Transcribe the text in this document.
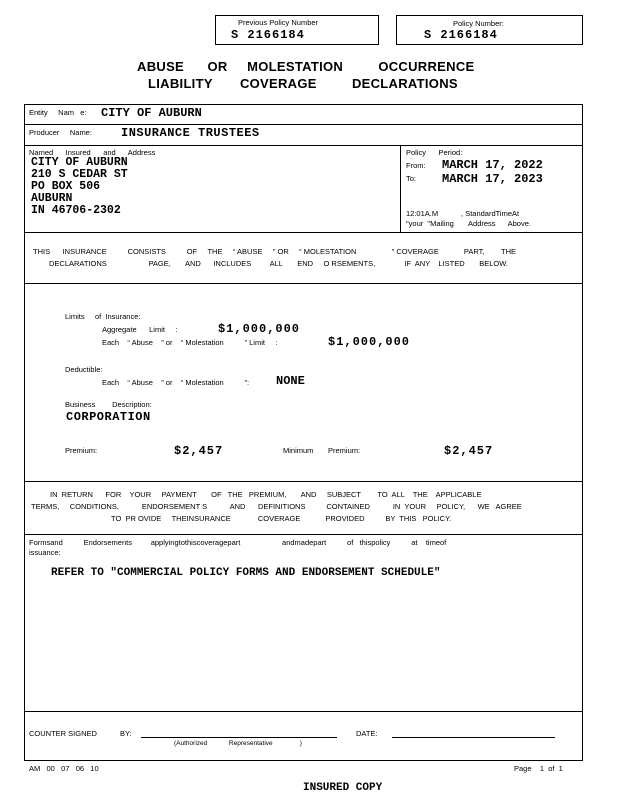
Previous Policy Number
S 2166184
Policy Number:
S 2166184
ABUSE      OR     MOLESTATION         OCCURRENCE
LIABILITY       COVERAGE         DECLARATIONS
Entity     Nam   e: CITY OF AUBURN
Producer     Name: INSURANCE TRUSTEES
Named      Insured      and      Address
CITY OF AUBURN
210 S CEDAR ST
PO BOX 506
AUBURN
IN 46706-2302
Policy      Period:
From: MARCH 17, 2022
To: MARCH 17, 2023
12:01A.M           , StandardTimeAt
"your  "Mailing       Address      Above.
THIS      INSURANCE          CONSISTS          OF     THE     “ ABUSE     ” OR     “ MOLESTATION                 ” COVERAGE            PART,        THE
DECLARATIONS                    PAGE,       AND      INCLUDES         ALL       END     O RSEMENTS,              IF  ANY    LISTED       BELOW.
Limits     of  Insurance:
Aggregate      Limit     :	$1,000,000
Each    “ Abuse    ” or    “ Molestation          ” Limit     :	$1,000,000
Deductible:
Each    “ Abuse    ” or    “ Molestation          ”: NONE
Business        Description:
CORPORATION
Premium:	$2,457	Minimum       Premium:	$2,457
IN  RETURN      FOR    YOUR     PAYMENT       OF   THE   PREMIUM,       AND     SUBJECT        TO  ALL    THE    APPLICABLE
TERMS,     CONDITIONS,           ENDORSEMENT S           AND      DEFINITIONS          CONTAINED           IN  YOUR     POLICY,      WE   AGREE
TO  PR OVIDE     THEINSURANCE             COVERAGE            PROVIDED          BY  THIS   POLICY.
Formsand          Endorsements         applyingtothiscoveragepart                    andmadepart          of   thispolicy          at    timeof
issuance:
REFER TO "COMMERCIAL POLICY FORMS AND ENDORSEMENT SCHEDULE"
COUNTER SIGNED	BY:
(Authorized            Representative               )
DATE:
AM   00   07   06   10	Page    1  of  1
INSURED COPY
